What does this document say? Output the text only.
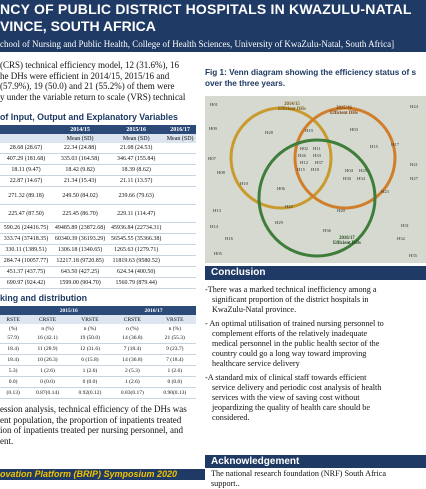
NCY OF PUBLIC DISTRICT HOSPITALS IN KWAZULU-NATAL
VINCE, SOUTH AFRICA
chool of Nursing and Public Health, College of Health Sciences, University of KwaZulu-Natal, South Africa]
(CRS) technical efficiency model, 12 (31.6%), 16
he DHs were efficient in 2014/15, 2015/16 and
(57.9%), 19 (50.0) and 21 (55.2%) of them were
y under the variable return to scale (VRS) technical
of Input, Output and Explanatory Variables
	2014/15	2015/16	2016/17
	Mean (SD)	Mean (SD)	Mean (SD)
28.68 (28.67)	22.34 (24.88)	21.08 (24.53)	
407.29 (181.68)	335.03 (164.58)	346.47 (155.84)	
18.11 (9.47)	18.42 (9.82)	18.39 (8.62)	
22.87 (14.67)	21.34 (15.43)	21.11 (13.57)	
271.32 (89.18)	249.50 (84.02)	239.66 (79.63)	
225.47 (87.50)	225.45 (86.70)	229.11 (114.47)	
590.26 (24416.75)	49485.89 (23872.68)	45936.84 (22734.31)	
333.74 (37418.35)	60340.39 (36193.29)	56545.55 (35366.38)	
330.11 (1389.51)	1306.18 (1340.65)	1265.63 (1279.71)	
284.74 (10057.77)	12217.18 (9720.85)	11819.63 (9580.52)	
451.37 (437.75)	643.50 (427.25)	624.34 (400.50)	
690.97 (924.42)	1599.00 (904.70)	1560.79 (879.44)	
king and distribution
	2015/16		2016/17	
RSTE	CRSTE	VRSTE	CRSTE	VRSTE
(%)	n (%)	n (%)	n (%)	n (%)
57.9)	16 (42.1)	19 (50.0)	14 (36.8)	21 (55.3)
18.4)	11 (28.9)	12 (31.6)	7 (18.4)	9 (23.7)
18.4)	10 (26.3)	6 (15.8)	14 (36.8)	7 (18.4)
5.3)	1 (2.6)	1 (2.6)	2 (5.3)	1 (2.6)
0.0)	0 (0.0)	0 (0.0)	1 (2.6)	0 (0.0)
(0.13)	0.87(0.14)	0.92(0.12)	0.83(0.17)	0.90(0.13)
ession analysis, technical efficiency of the DHs was
ent population, the proportion of inpatients treated
ion of inpatients treated per nursing personnel, and
ent.
Fig 1: Venn diagram showing the efficiency status of s
over the three years.
2014/15
Efficient DHs	2015/16
Efficient DHs
2016/17
Efficient DHs
H01
H09
H07
H08
H10
H13
H14
H16
H05
H24
H17
H21
H27
H23
H31
H32
H35
H28	H19	H03
H15
H02 H11
H26 H33
H12 H37
H15 H18	H04 H25
H30 H34
H06
H22
H29
H20
H36
Conclusion
-There was a marked technical inefficiency among a
significant proportion of the district hospitals in
KwaZulu-Natal province.
- An optimal utilisation of trained nursing personnel to
complement efforts of the relatively inadequate
medical personnel in the public health sector of the
country could go a long way toward improving
healthcare service delivery
-A standard mix of clinical staff towards efficient
service delivery and periodic cost analysis of health
services with the view of saving cost without
jeopardizing the quality of health care should be
considered.
Acknowledgement
The national research foundation (NRF) South Africa
support..
ovation Platform (BRIP) Symposium 2020
